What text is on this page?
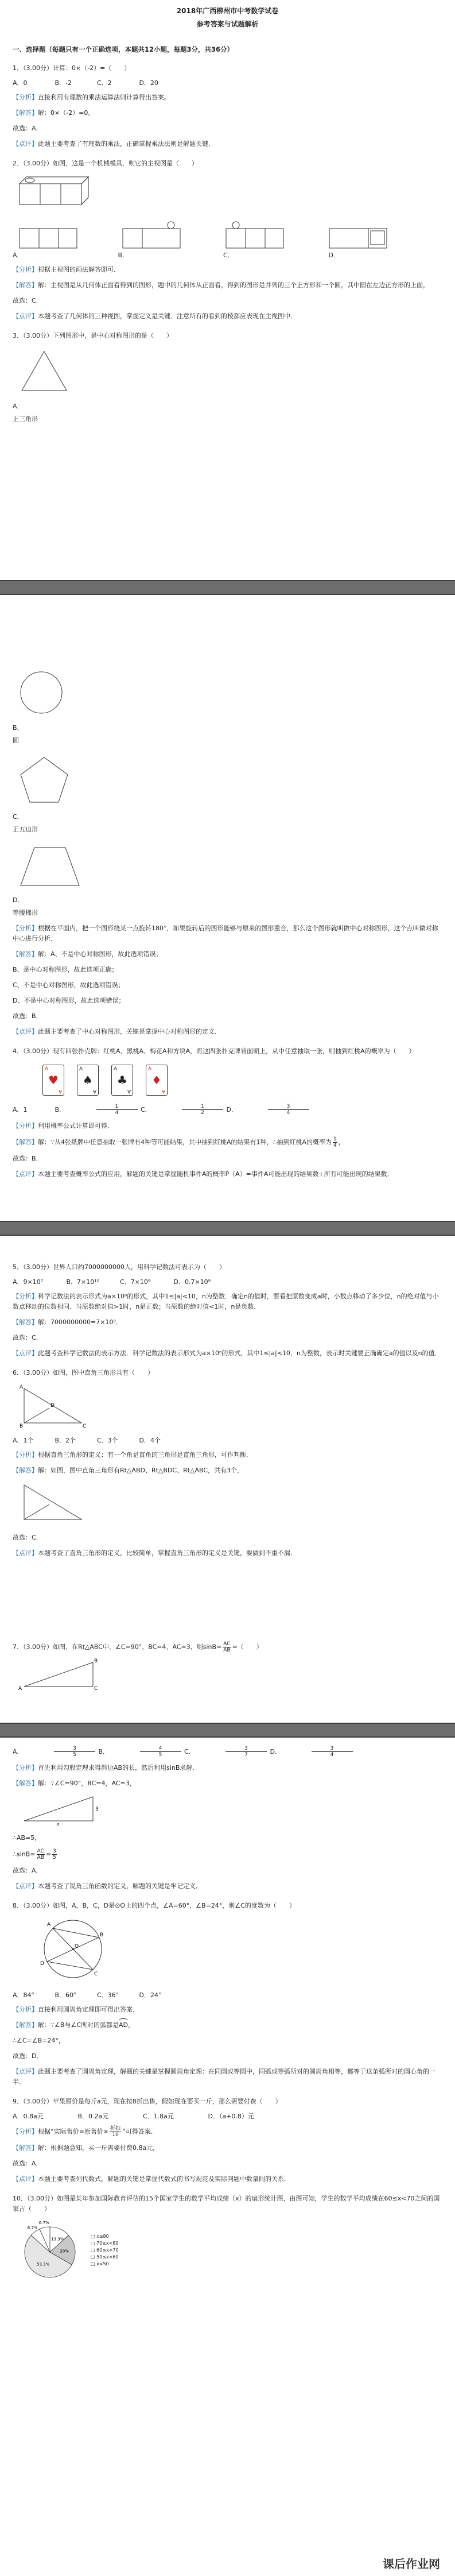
2018年广西柳州市中考数学试卷

参考答案与试题解析

一、选择题（每题只有一个正确选项，本题共12小题，每题3分，共36分）

1．（3.00分）计算：0×（-2）=（　　）

A．0	B．-2	C．2	D．20

【分析】直接利用有理数的乘法运算法则计算得出答案。

【解答】解：0×（-2）=0。

故选：A．

【点评】此题主要考查了有理数的乘法，正确掌握乘法法则是解题关键．

2．（3.00分）如图，这是一个机械模具，则它的主视图是（　　）

A．	B．	C．	D．

【分析】根据主视图的画法解答即可．

【解答】解：主视图是从几何体正面看得到的图形，题中的几何体从正面看，得到的图形是并列的三个正方形和一个圆，其中圆在左边正方形的上面，

故选：C．

【点评】本题考查了几何体的三种视图，掌握定义是关键．注意所有的看到的棱都应表现在主视图中．

3．（3.00分）下列图形中，是中心对称图形的是（　　）

A．

正三角形

B．

圆

C．

正五边形

D．

等腰梯形

【分析】根据在平面内，把一个图形绕某一点旋转180°，如果旋转后的图形能够与原来的图形重合，那么这个图形就叫做中心对称图形，这个点叫做对称中心进行分析．

【解答】解：A、不是中心对称图形，故此选项错误；

B、是中心对称图形，故此选项正确；

C、不是中心对称图形，故此选项错误；

D、不是中心对称图形，故此选项错误；

故选：B．

【点评】此题主要考查了中心对称图形，关键是掌握中心对称图形的定义．

4．（3.00分）现有四张扑克牌：红桃A、黑桃A、梅花A和方块A，将这四张扑克牌背面朝上，从中任意抽取一张，则抽到红桃A的概率为（　　）

A
♥
A
A
♠
A
A
♣
A
A
♦
A
A．1	B．	$\frac{1}{4}$ C．	$\frac{1}{2}$ D．	$\frac{3}{4}$

【分析】利用概率公式计算即可得．

【解答】解：∵从4张纸牌中任意抽取一张牌有4种等可能结果，其中抽到红桃A的结果有1种，∴抽到红桃A的概率为 $\frac{1}{4}$ ，

故选：B．

【点评】本题主要考查概率公式的应用，解题的关键是掌握随机事件A的概率P（A）=事件A可能出现的结果数÷所有可能出现的结果数．

5．（3.00分）世界人口约7000000000人，用科学记数法可表示为（　　）

A．9×10⁷	B．7×10¹⁰	C．7×10⁹	D．0.7×10⁹

【分析】科学记数法的表示形式为a×10ⁿ的形式，其中1≤|a|<10，n为整数．确定n的值时，要看把原数变成a时，小数点移动了多少位，n的绝对值与小数点移动的位数相同．当原数绝对值>1时，n是正数；当原数的绝对值<1时，n是负数．

【解答】解：7000000000=7×10⁹．

故选：C．

【点评】此题考查科学记数法的表示方法．科学记数法的表示形式为a×10ⁿ的形式，其中1≤|a|<10，n为整数，表示时关键要正确确定a的值以及n的值．

6．（3.00分）如图，图中直角三角形共有（　　）

A
B	C
D
A．1个	B．2个	C．3个	D．4个

【分析】根据直角三角形的定义：有一个角是直角的三角形是直角三角形，可作判断．

【解答】解：如图，图中直角三角形有Rt△ABD、Rt△BDC、Rt△ABC，共有3个，

故选：C．

【点评】本题考查了直角三角形的定义，比较简单，掌握直角三角形的定义是关键，要做到不重不漏．

7．（3.00分）如图，在Rt△ABC中，∠C=90°，BC=4，AC=3，则$\sin B= \frac{AC}{AB}$ =（　　）

A
B
C
A．	$\frac{3}{5}$ B．	$\frac{4}{5}$ C．	$\frac{3}{7}$ D．	$\frac{3}{4}$

【分析】首先利用勾股定理求得斜边AB的长，然后利用sinB求解．

【解答】解：∵∠C=90°，BC=4，AC=3，

4
3

∴AB=5，

∴sinB= $\frac{AC}{AB} = \frac{3}{5}$

故选：A．

【点评】本题考查了锐角三角函数的定义，解题的关键是牢记定义．

8．（3.00分）如图，A，B，C，D是⊙O上的四个点，∠A=60°，∠B=24°，则∠C的度数为（　　）

O
A
B
C
D
A．84°	B．60°	C．36°	D．24°

【分析】直接利用圆周角定理即可得出答案．

【解答】解：∵∠B与∠C所对的弧都是
AD，

∴∠C=∠B=24°，

故选：D．

【点评】此题主要考查了圆周角定理，解题的关键是掌握圆周角定理：在同圆或等圆中，同弧或等弧所对的圆周角相等，都等于这条弧所对的圆心角的一半．

9．（3.00分）苹果原价是每斤a元，现在按8折出售，假如现在要买一斤，那么需要付费（　　）

A．0.8a元	B．0.2a元	C．1.8a元	D．（a+0.8）元

【分析】根据“实际售价=原售价× $\frac{\text{折扣}}{10}$ ”可得答案．

【解答】解：根据题意知，买一斤需要付费0.8a元，

故选：A．

【点评】本题主要考查列代数式，解题的关键是掌握代数式的书写规范及实际问题中数量间的关系．

10．（3.00分）如图是某年参加国际教育评估的15个国家学生的数学平均成绩（x）的扇形统计图，由图可知，学生的数学平均成绩在60≤x<70之间的国家占（　　）

13.3%
20%
53.3%
6.7%
6.7%
□ x≥80
□ 70≤x<80
□ 60≤x<70
□ 50≤x<60
□ x<50
课后作业网
